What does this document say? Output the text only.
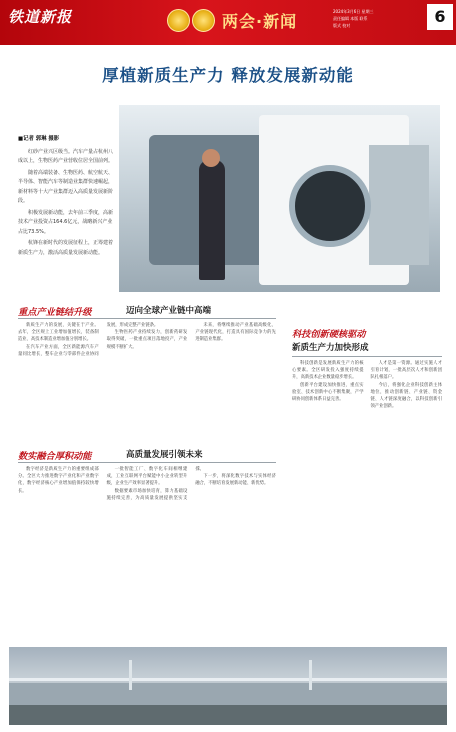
铁道新报	两会·新闻
2024年3月6日 星期三
责任编辑 本版 联系
版式 校对	6
厚植新质生产力 释放发展新动能
■记者 郭琳 摄影

红砂产业兴区级当。汽车产量占杭州八成以上，生物医药产业营收位居全国前列。

随着高端装备、生物医药、航空航天、半导体、智能汽车等制造业集群快速崛起，新材料等十大产业集群迈入高质量发展新阶段。

积极发展新动能，去年前三季度，高新技术产业投资占164.6亿元，战略新兴产业占比73.5%。

杭锋在新时代的发展征程上，正筹建着新质生产力，激活高质量发展新动能。

重点产业链结升级	迈向全球产业链中高端

新质生产力的发展，关键在于产业。去年，全区规上工业增加值增长，装备制造业、高技术制造业增加值分别增长。

在汽车产业方面，全区新能源汽车产量同比增长，整车企业与零部件企业协同发展，形成完整产业链条。

生物医药产业持续发力，创新药研发取得突破，一批重点项目落地投产，产业规模不断扩大。

未来，将继续推动产业基础高级化、产业链现代化，打造具有国际竞争力的先进制造业集群。

数实融合厚积动能	高质量发展引领未来

数字经济是新质生产力的重要组成部分。全区大力推进数字产业化和产业数字化，数字经济核心产业增加值保持较快增长。

一批智能工厂、数字化车间相继建成，工业互联网平台赋能中小企业转型升级，企业生产效率显著提升。

数据要素市场加快培育，算力基础设施持续完善，为高质量发展提供坚实支撑。

下一步，将深化数字技术与实体经济融合，不断培育发展新动能、新优势。

科技创新硬核驱动
新质生产力加快形成

科技创新是发展新质生产力的核心要素。全区研发投入强度持续提升，高新技术企业数量稳步增长。

创新平台建设加快推进，重点实验室、技术创新中心不断集聚，产学研协同创新体系日益完善。

人才是第一资源。通过实施人才引育计划，一批高层次人才和创新团队扎根落户。

今后，将强化企业科技创新主体地位，推动创新链、产业链、资金链、人才链深度融合，以科技创新引领产业创新。
